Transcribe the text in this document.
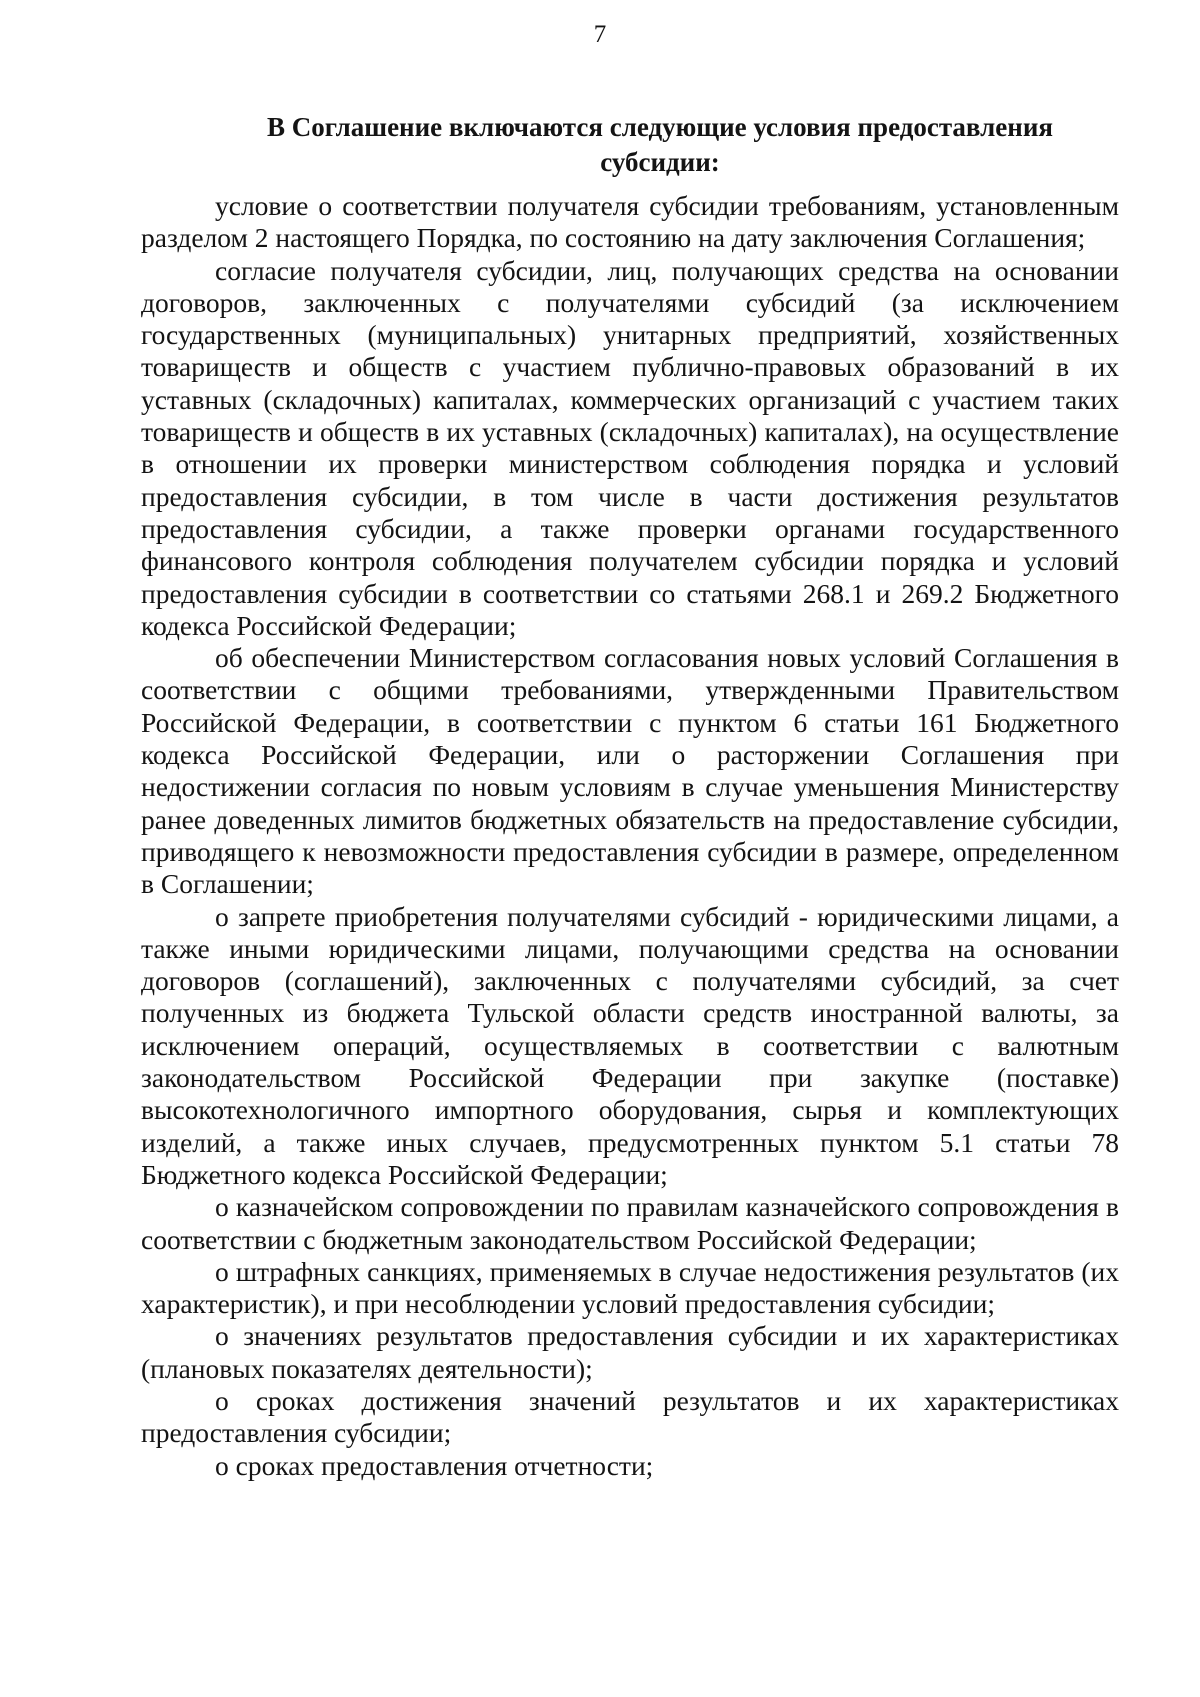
7
В Соглашение включаются следующие условия предоставления субсидии:

условие о соответствии получателя субсидии требованиям, установленным разделом 2 настоящего Порядка, по состоянию на дату заключения Соглашения;

согласие получателя субсидии, лиц, получающих средства на основании договоров, заключенных с получателями субсидий (за исключением государственных (муниципальных) унитарных предприятий, хозяйственных товариществ и обществ с участием публично-правовых образований в их уставных (складочных) капиталах, коммерческих организаций с участием таких товариществ и обществ в их уставных (складочных) капиталах), на осуществление в отношении их проверки министерством соблюдения порядка и условий предоставления субсидии, в том числе в части достижения результатов предоставления субсидии, а также проверки органами государственного финансового контроля соблюдения получателем субсидии порядка и условий предоставления субсидии в соответствии со статьями 268.1 и 269.2 Бюджетного кодекса Российской Федерации;

об обеспечении Министерством согласования новых условий Соглашения в соответствии с общими требованиями, утвержденными Правительством Российской Федерации, в соответствии с пунктом 6 статьи 161 Бюджетного кодекса Российской Федерации, или о расторжении Соглашения при недостижении согласия по новым условиям в случае уменьшения Министерству ранее доведенных лимитов бюджетных обязательств на предоставление субсидии, приводящего к невозможности предоставления субсидии в размере, определенном в Соглашении;

о запрете приобретения получателями субсидий - юридическими лицами, а также иными юридическими лицами, получающими средства на основании договоров (соглашений), заключенных с получателями субсидий, за счет полученных из бюджета Тульской области средств иностранной валюты, за исключением операций, осуществляемых в соответствии с валютным законодательством Российской Федерации при закупке (поставке) высокотехнологичного импортного оборудования, сырья и комплектующих изделий, а также иных случаев, предусмотренных пунктом 5.1 статьи 78 Бюджетного кодекса Российской Федерации;

о казначейском сопровождении по правилам казначейского сопровождения в соответствии с бюджетным законодательством Российской Федерации;

о штрафных санкциях, применяемых в случае недостижения результатов (их характеристик), и при несоблюдении условий предоставления субсидии;

о значениях результатов предоставления субсидии и их характеристиках (плановых показателях деятельности);

о сроках достижения значений результатов и их характеристиках предоставления субсидии;

о сроках предоставления отчетности;
